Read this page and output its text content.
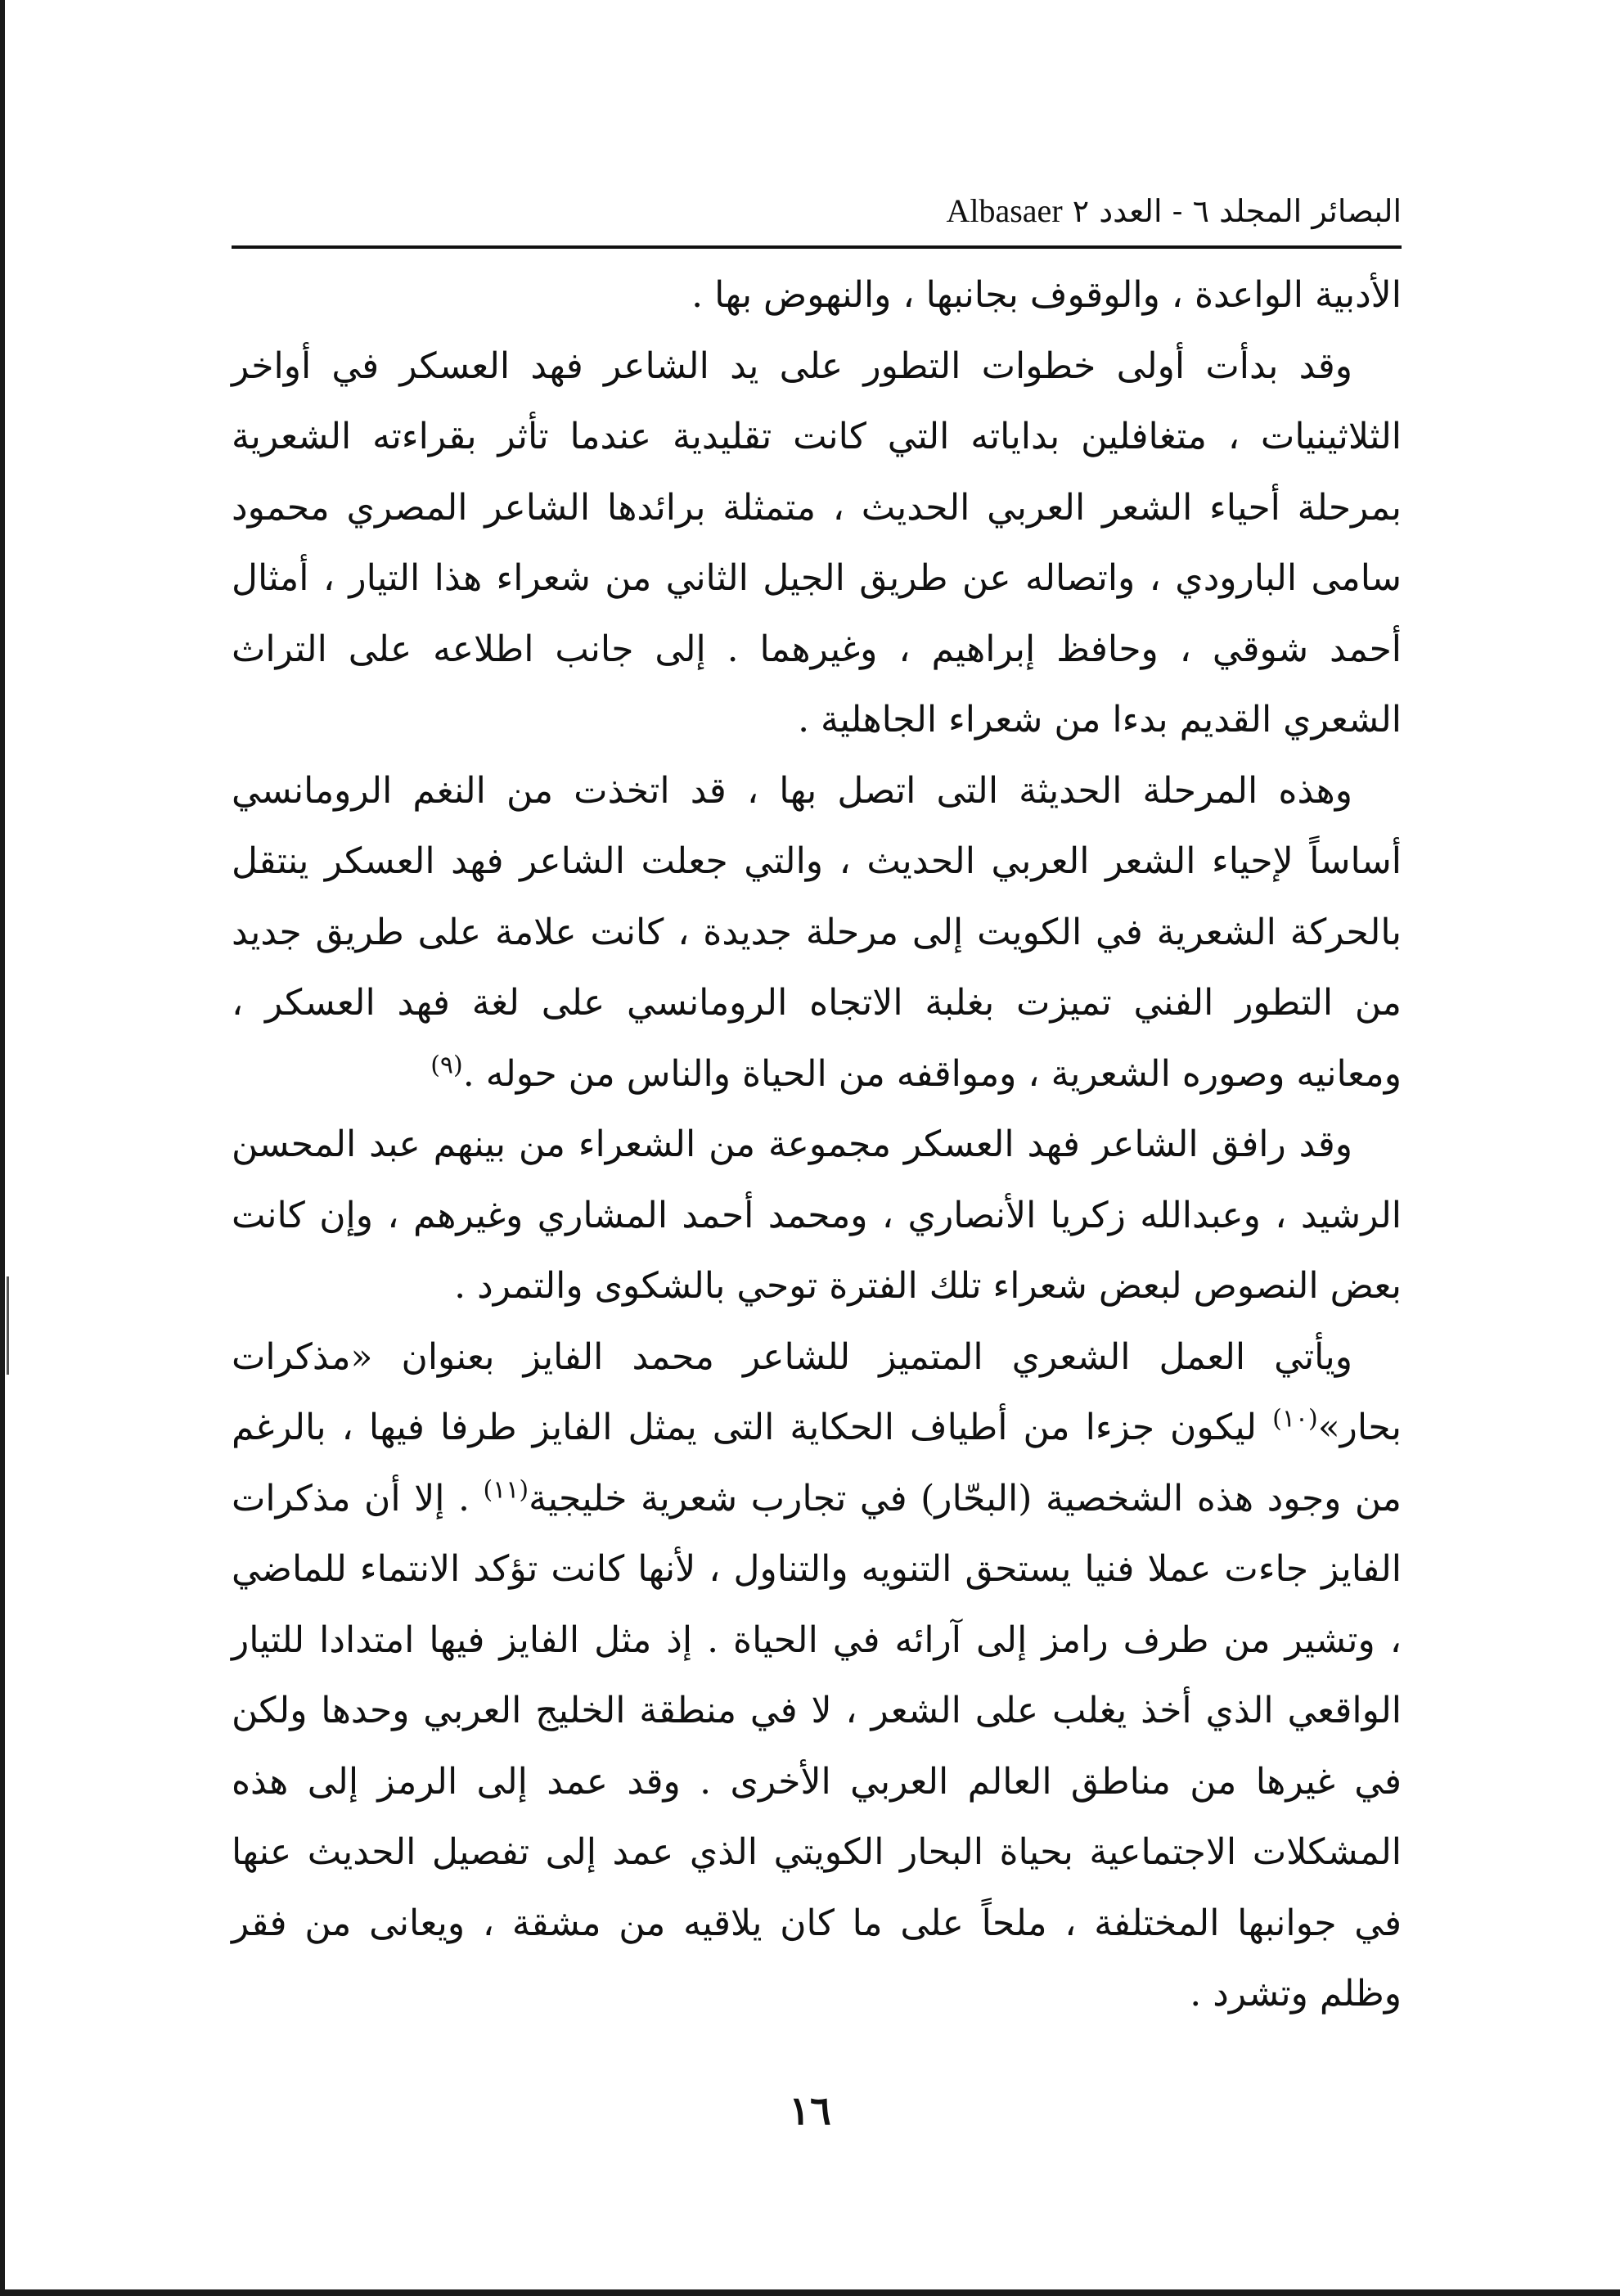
البصائر المجلد ٦ - العدد ٢ Albasaer

الأدبية الواعدة ، والوقوف بجانبها ، والنهوض بها .

وقد بدأت أولى خطوات التطور على يد الشاعر فهد العسكر في أواخر الثلاثينيات ، متغافلين بداياته التي كانت تقليدية عندما تأثر بقراءته الشعرية بمرحلة أحياء الشعر العربي الحديث ، متمثلة برائدها الشاعر المصري محمود سامى البارودي ، واتصاله عن طريق الجيل الثاني من شعراء هذا التيار ، أمثال أحمد شوقي ، وحافظ إبراهيم ، وغيرهما . إلى جانب اطلاعه على التراث الشعري القديم بدءا من شعراء الجاهلية .

وهذه المرحلة الحديثة التى اتصل بها ، قد اتخذت من النغم الرومانسي أساساً لإحياء الشعر العربي الحديث ، والتي جعلت الشاعر فهد العسكر ينتقل بالحركة الشعرية في الكويت إلى مرحلة جديدة ، كانت علامة على طريق جديد من التطور الفني تميزت بغلبة الاتجاه الرومانسي على لغة فهد العسكر ، ومعانيه وصوره الشعرية ، ومواقفه من الحياة والناس من حوله .$^{(٩)}$

وقد رافق الشاعر فهد العسكر مجموعة من الشعراء من بينهم عبد المحسن الرشيد ، وعبدالله زكريا الأنصاري ، ومحمد أحمد المشاري وغيرهم ، وإن كانت بعض النصوص لبعض شعراء تلك الفترة توحي بالشكوى والتمرد .

ويأتي العمل الشعري المتميز للشاعر محمد الفايز بعنوان «مذكرات بحار»$^{(١٠)}$ ليكون جزءا من أطياف الحكاية التى يمثل الفايز طرفا فيها ، بالرغم من وجود هذه الشخصية (البحّار) في تجارب شعرية خليجية$^{(١١)}$ . إلا أن مذكرات الفايز جاءت عملا فنيا يستحق التنويه والتناول ، لأنها كانت تؤكد الانتماء للماضي ، وتشير من طرف رامز إلى آرائه في الحياة . إذ مثل الفايز فيها امتدادا للتيار الواقعي الذي أخذ يغلب على الشعر ، لا في منطقة الخليج العربي وحدها ولكن في غيرها من مناطق العالم العربي الأخرى . وقد عمد إلى الرمز إلى هذه المشكلات الاجتماعية بحياة البحار الكويتي الذي عمد إلى تفصيل الحديث عنها في جوانبها المختلفة ، ملحاً على ما كان يلاقيه من مشقة ، ويعانى من فقر وظلم وتشرد .

١٦
